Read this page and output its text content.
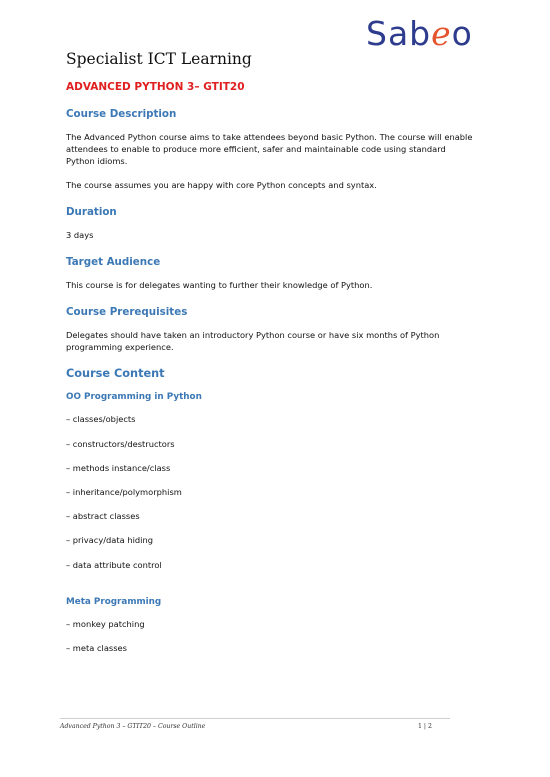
Sabeo
Specialist ICT Learning
ADVANCED PYTHON 3– GTIT20
Course Description
The Advanced Python course aims to take attendees beyond basic Python. The course will enable attendees to enable to produce more efficient, safer and maintainable code using standard Python idioms.
The course assumes you are happy with core Python concepts and syntax.
Duration
3 days
Target Audience
This course is for delegates wanting to further their knowledge of Python.
Course Prerequisites
Delegates should have taken an introductory Python course or have six months of Python programming experience.
Course Content
OO Programming in Python
– classes/objects
– constructors/destructors
– methods instance/class
– inheritance/polymorphism
– abstract classes
– privacy/data hiding
– data attribute control
Meta Programming
– monkey patching
– meta classes
Advanced Python 3 – GTIT20 – Course Outline	1 | 2
